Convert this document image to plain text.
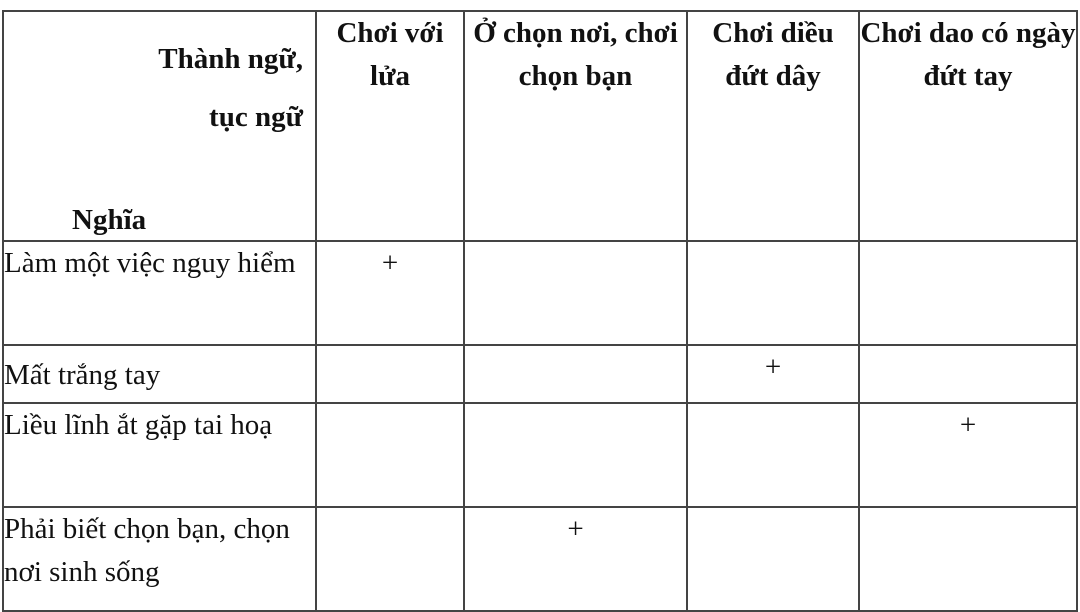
Thành ngữ,
tục ngữ
Nghĩa	Chơi với lửa	Ở chọn nơi, chơi chọn bạn	Chơi diều đứt dây	Chơi dao có ngày đứt tay
Làm một việc nguy hiểm	+			
Mất trắng tay			+	
Liều lĩnh ắt gặp tai hoạ				+
Phải biết chọn bạn, chọn nơi sinh sống		+		
